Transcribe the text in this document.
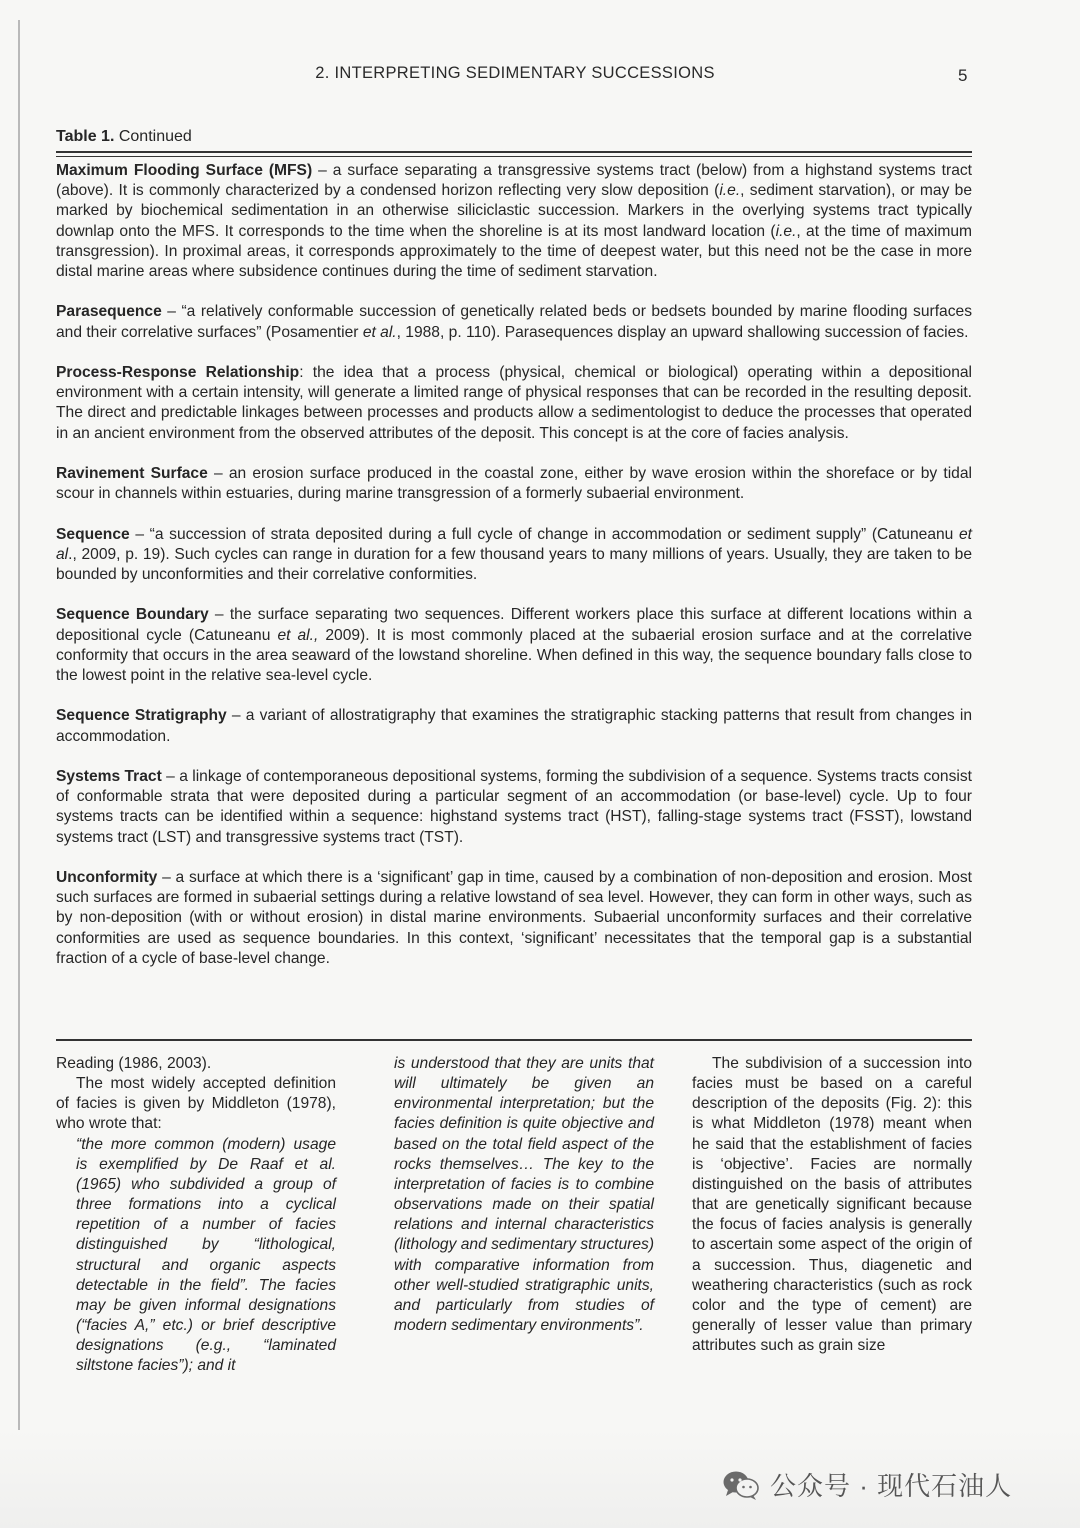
2. INTERPRETING SEDIMENTARY SUCCESSIONS	5
Table 1. Continued

Maximum Flooding Surface (MFS) – a surface separating a transgressive systems tract (below) from a highstand systems tract (above). It is commonly characterized by a condensed horizon reflecting very slow deposition (i.e., sediment starvation), or may be marked by biochemical sedimentation in an otherwise siliciclastic succession. Markers in the overlying systems tract typically downlap onto the MFS. It corresponds to the time when the shoreline is at its most landward location (i.e., at the time of maximum transgression). In proximal areas, it corresponds approximately to the time of deepest water, but this need not be the case in more distal marine areas where subsidence continues during the time of sediment starvation.

Parasequence – “a relatively conformable succession of genetically related beds or bedsets bounded by marine flooding surfaces and their correlative surfaces” (Posamentier et al., 1988, p. 110). Parasequences display an upward shallowing succession of facies.

Process-Response Relationship: the idea that a process (physical, chemical or biological) operating within a depositional environment with a certain intensity, will generate a limited range of physical responses that can be recorded in the resulting deposit. The direct and predictable linkages between processes and products allow a sedimentologist to deduce the processes that operated in an ancient environment from the observed attributes of the deposit. This concept is at the core of facies analysis.

Ravinement Surface – an erosion surface produced in the coastal zone, either by wave erosion within the shoreface or by tidal scour in channels within estuaries, during marine transgression of a formerly subaerial environment.

Sequence – “a succession of strata deposited during a full cycle of change in accommodation or sediment supply” (Catuneanu et al., 2009, p. 19). Such cycles can range in duration for a few thousand years to many millions of years. Usually, they are taken to be bounded by unconformities and their correlative conformities.

Sequence Boundary – the surface separating two sequences. Different workers place this surface at different locations within a depositional cycle (Catuneanu et al., 2009). It is most commonly placed at the subaerial erosion surface and at the correlative conformity that occurs in the area seaward of the lowstand shoreline. When defined in this way, the sequence boundary falls close to the lowest point in the relative sea-level cycle.

Sequence Stratigraphy – a variant of allostratigraphy that examines the stratigraphic stacking patterns that result from changes in accommodation.

Systems Tract – a linkage of contemporaneous depositional systems, forming the subdivision of a sequence. Systems tracts consist of conformable strata that were deposited during a particular segment of an accommodation (or base-level) cycle. Up to four systems tracts can be identified within a sequence: highstand systems tract (HST), falling-stage systems tract (FSST), lowstand systems tract (LST) and transgressive systems tract (TST).

Unconformity – a surface at which there is a ‘significant’ gap in time, caused by a combination of non-deposition and erosion. Most such surfaces are formed in subaerial settings during a relative lowstand of sea level. However, they can form in other ways, such as by non-deposition (with or without erosion) in distal marine environments. Subaerial unconformity surfaces and their correlative conformities are used as sequence boundaries. In this context, ‘significant’ necessitates that the temporal gap is a substantial fraction of a cycle of base-level change.

Reading (1986, 2003).

The most widely accepted definition of facies is given by Middleton (1978), who wrote that:

“the more common (modern) usage is exemplified by De Raaf et al. (1965) who subdivided a group of three formations into a cyclical repetition of a number of facies distinguished by “lithological, structural and organic aspects detectable in the field”. The facies may be given informal designations (“facies A,” etc.) or brief descriptive designations (e.g., “laminated siltstone facies”); and it

is understood that they are units that will ultimately be given an environmental interpretation; but the facies definition is quite objective and based on the total field aspect of the rocks themselves… The key to the interpretation of facies is to combine observations made on their spatial relations and internal characteristics (lithology and sedimentary structures) with comparative information from other well-studied stratigraphic units, and particularly from studies of modern sedimentary environments”.

The subdivision of a succession into facies must be based on a careful description of the deposits (Fig. 2): this is what Middleton (1978) meant when he said that the establishment of facies is ‘objective’. Facies are normally distinguished on the basis of attributes that are genetically significant because the focus of facies analysis is generally to ascertain some aspect of the origin of a succession. Thus, diagenetic and weathering characteristics (such as rock color and the type of cement) are generally of lesser value than primary attributes such as grain size

公众号 · 现代石油人
